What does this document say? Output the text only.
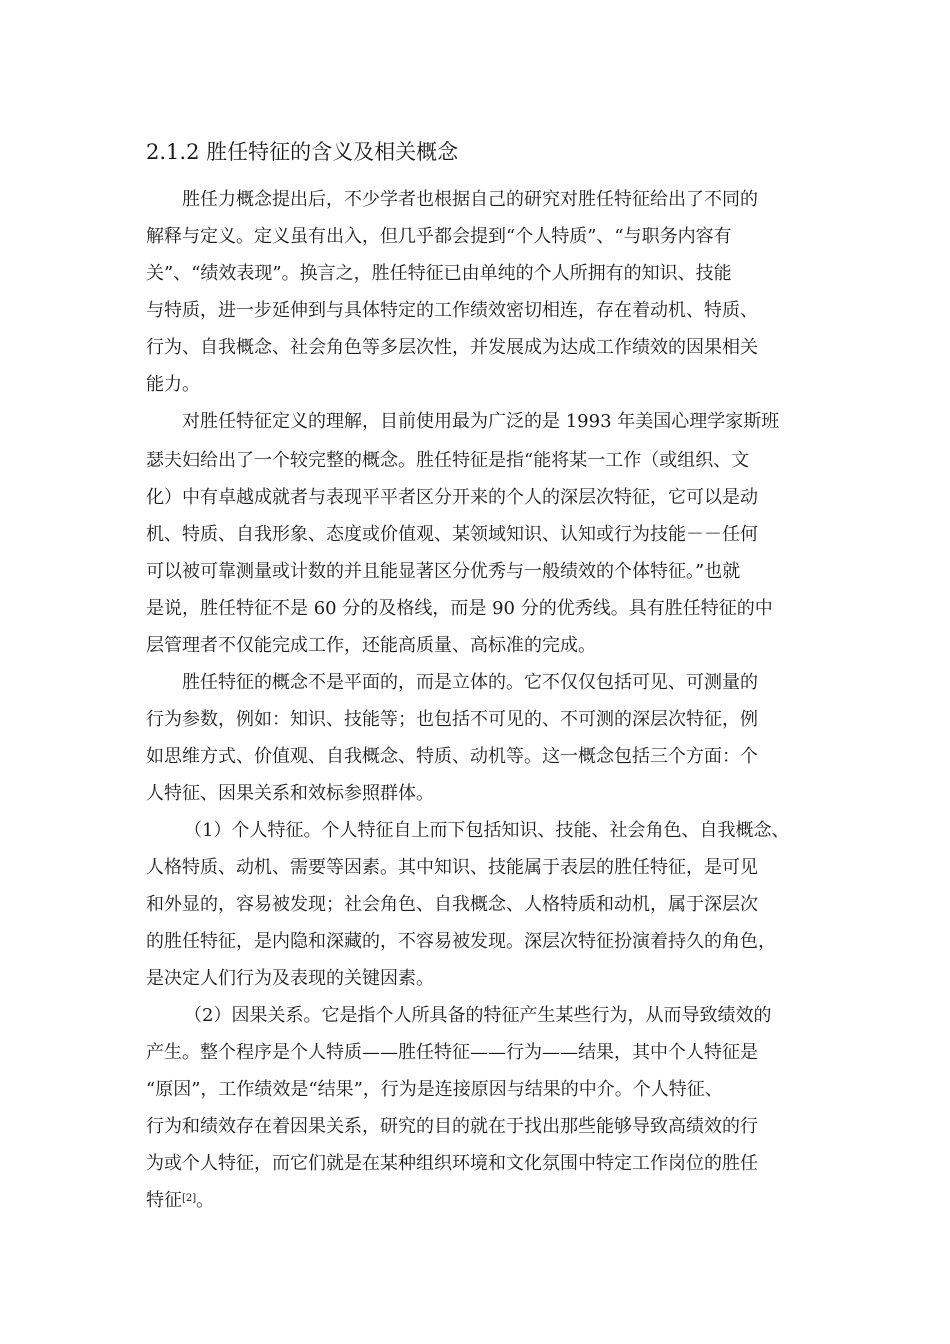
2.1.2 胜任特征的含义及相关概念

胜任力概念提出后，不少学者也根据自己的研究对胜任特征给出了不同的

解释与定义。定义虽有出入，但几乎都会提到“个人特质”、“与职务内容有

关”、“绩效表现”。换言之，胜任特征已由单纯的个人所拥有的知识、技能

与特质，进一步延伸到与具体特定的工作绩效密切相连，存在着动机、特质、

行为、自我概念、社会角色等多层次性，并发展成为达成工作绩效的因果相关

能力。

对胜任特征定义的理解，目前使用最为广泛的是 1993 年美国心理学家斯班

瑟夫妇给出了一个较完整的概念。胜任特征是指“能将某一工作（或组织、文

化）中有卓越成就者与表现平平者区分开来的个人的深层次特征，它可以是动

机、特质、自我形象、态度或价值观、某领域知识、认知或行为技能－－任何

可以被可靠测量或计数的并且能显著区分优秀与一般绩效的个体特征。”也就

是说，胜任特征不是 60 分的及格线，而是 90 分的优秀线。具有胜任特征的中

层管理者不仅能完成工作，还能高质量、高标准的完成。

胜任特征的概念不是平面的，而是立体的。它不仅仅包括可见、可测量的

行为参数，例如：知识、技能等；也包括不可见的、不可测的深层次特征，例

如思维方式、价值观、自我概念、特质、动机等。这一概念包括三个方面：个

人特征、因果关系和效标参照群体。

（1）个人特征。个人特征自上而下包括知识、技能、社会角色、自我概念、

人格特质、动机、需要等因素。其中知识、技能属于表层的胜任特征，是可见

和外显的，容易被发现；社会角色、自我概念、人格特质和动机，属于深层次

的胜任特征，是内隐和深藏的，不容易被发现。深层次特征扮演着持久的角色，

是决定人们行为及表现的关键因素。

（2）因果关系。它是指个人所具备的特征产生某些行为，从而导致绩效的

产生。整个程序是个人特质——胜任特征——行为——结果，其中个人特征是

“原因”，工作绩效是“结果”，行为是连接原因与结果的中介。个人特征、

行为和绩效存在着因果关系，研究的目的就在于找出那些能够导致高绩效的行

为或个人特征，而它们就是在某种组织环境和文化氛围中特定工作岗位的胜任

特征[2]。
